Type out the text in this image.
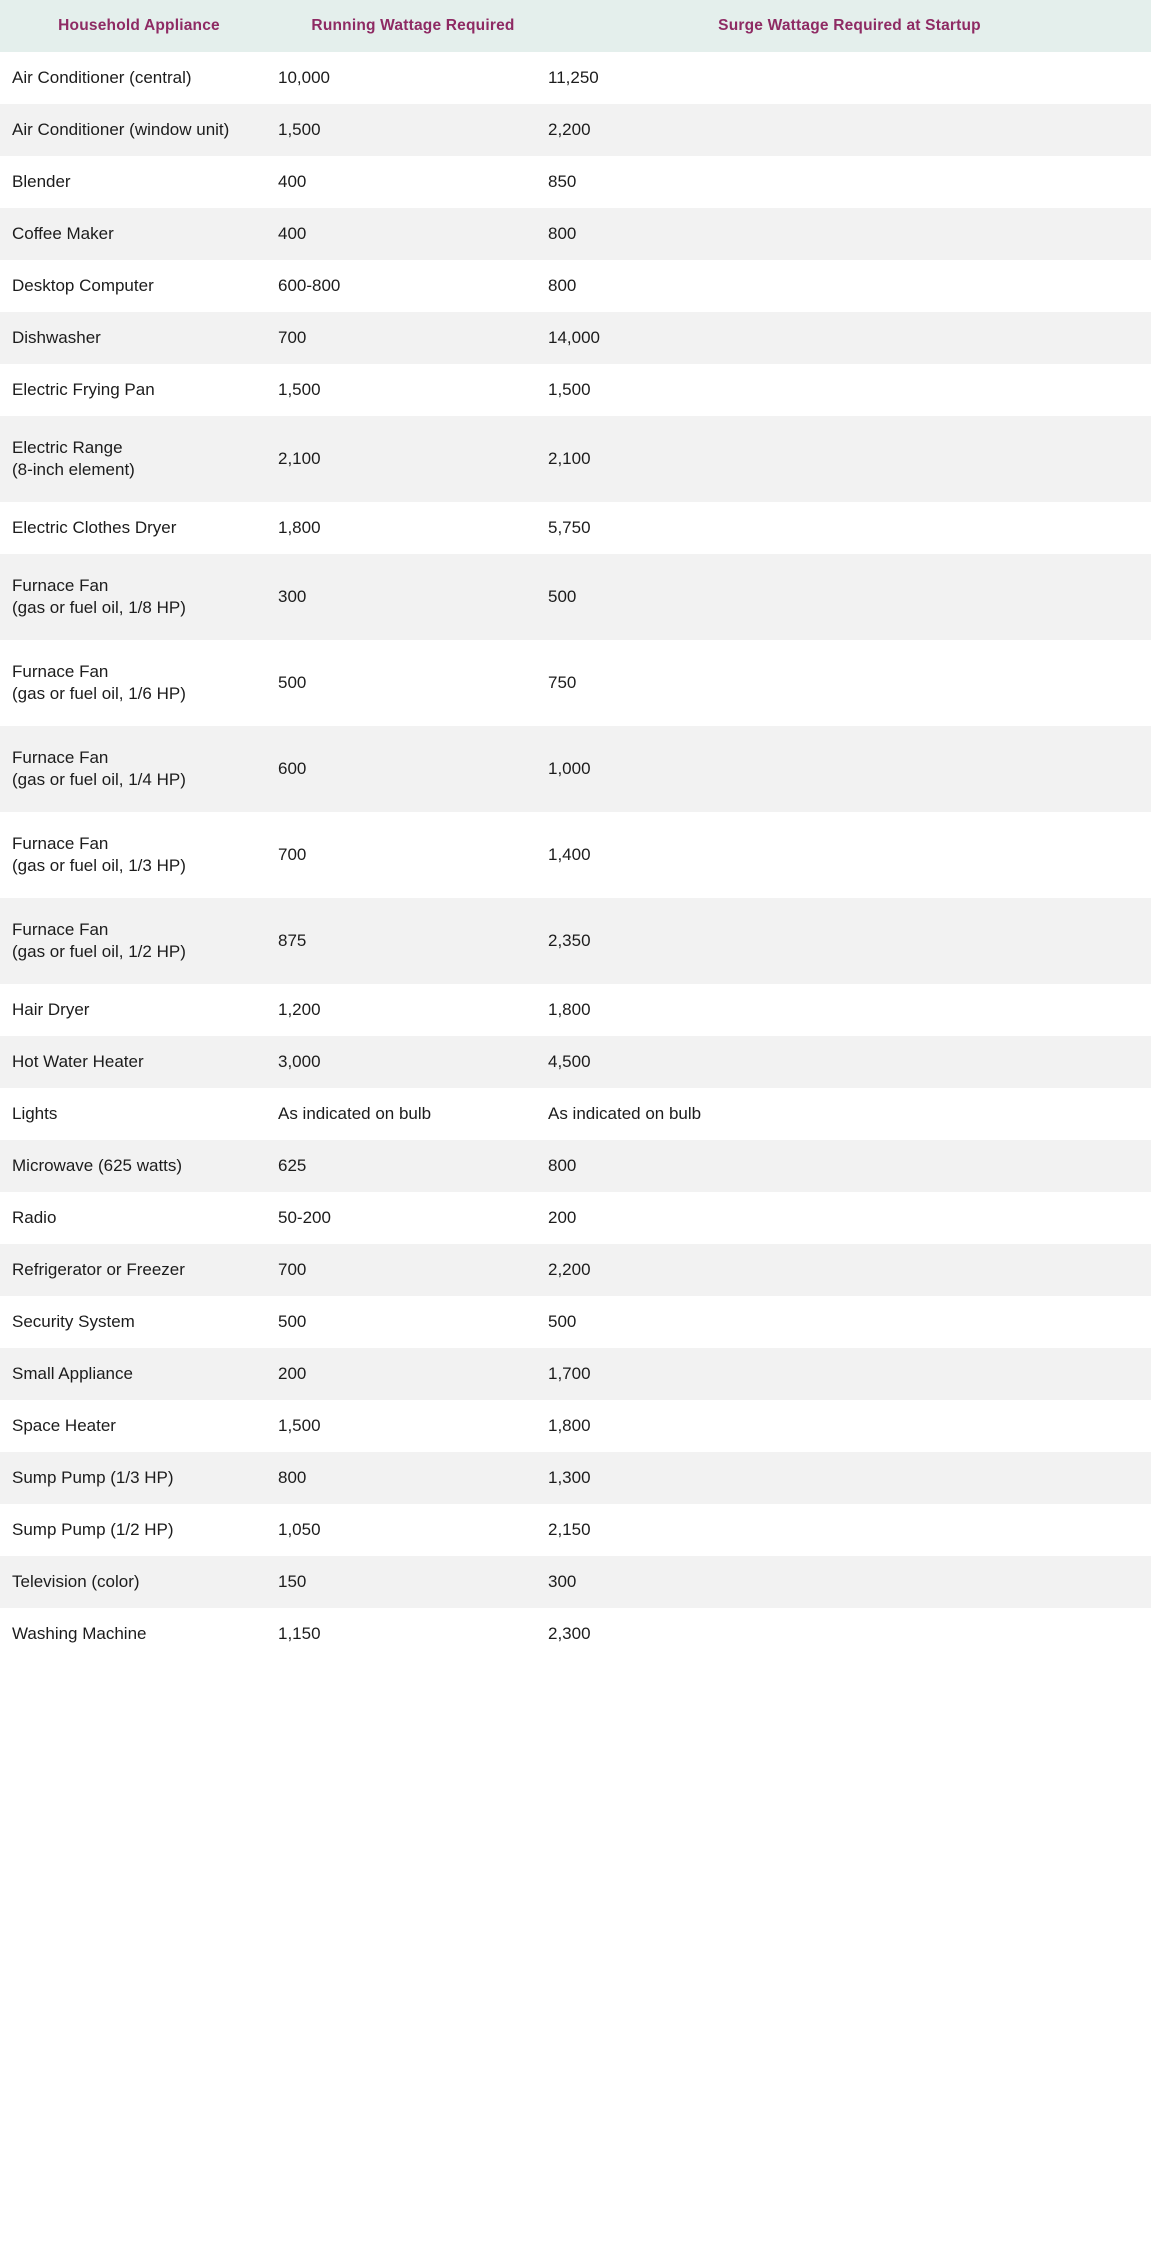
Household Appliance	Running Wattage Required	Surge Wattage Required at Startup

Air Conditioner (central)	10,000	11,250

Air Conditioner (window unit)	1,500	2,200

Blender	400	850

Coffee Maker	400	800

Desktop Computer	600-800	800

Dishwasher	700	14,000

Electric Frying Pan	1,500	1,500

Electric Range
(8-inch element)	2,100	2,100

Electric Clothes Dryer	1,800	5,750

Furnace Fan
(gas or fuel oil, 1/8 HP)	300	500

Furnace Fan
(gas or fuel oil, 1/6 HP)	500	750

Furnace Fan
(gas or fuel oil, 1/4 HP)	600	1,000

Furnace Fan
(gas or fuel oil, 1/3 HP)	700	1,400

Furnace Fan
(gas or fuel oil, 1/2 HP)	875	2,350

Hair Dryer	1,200	1,800

Hot Water Heater	3,000	4,500

Lights	As indicated on bulb	As indicated on bulb

Microwave (625 watts)	625	800

Radio	50-200	200

Refrigerator or Freezer	700	2,200

Security System	500	500

Small Appliance	200	1,700

Space Heater	1,500	1,800

Sump Pump (1/3 HP)	800	1,300

Sump Pump (1/2 HP)	1,050	2,150

Television (color)	150	300

Washing Machine	1,150	2,300
